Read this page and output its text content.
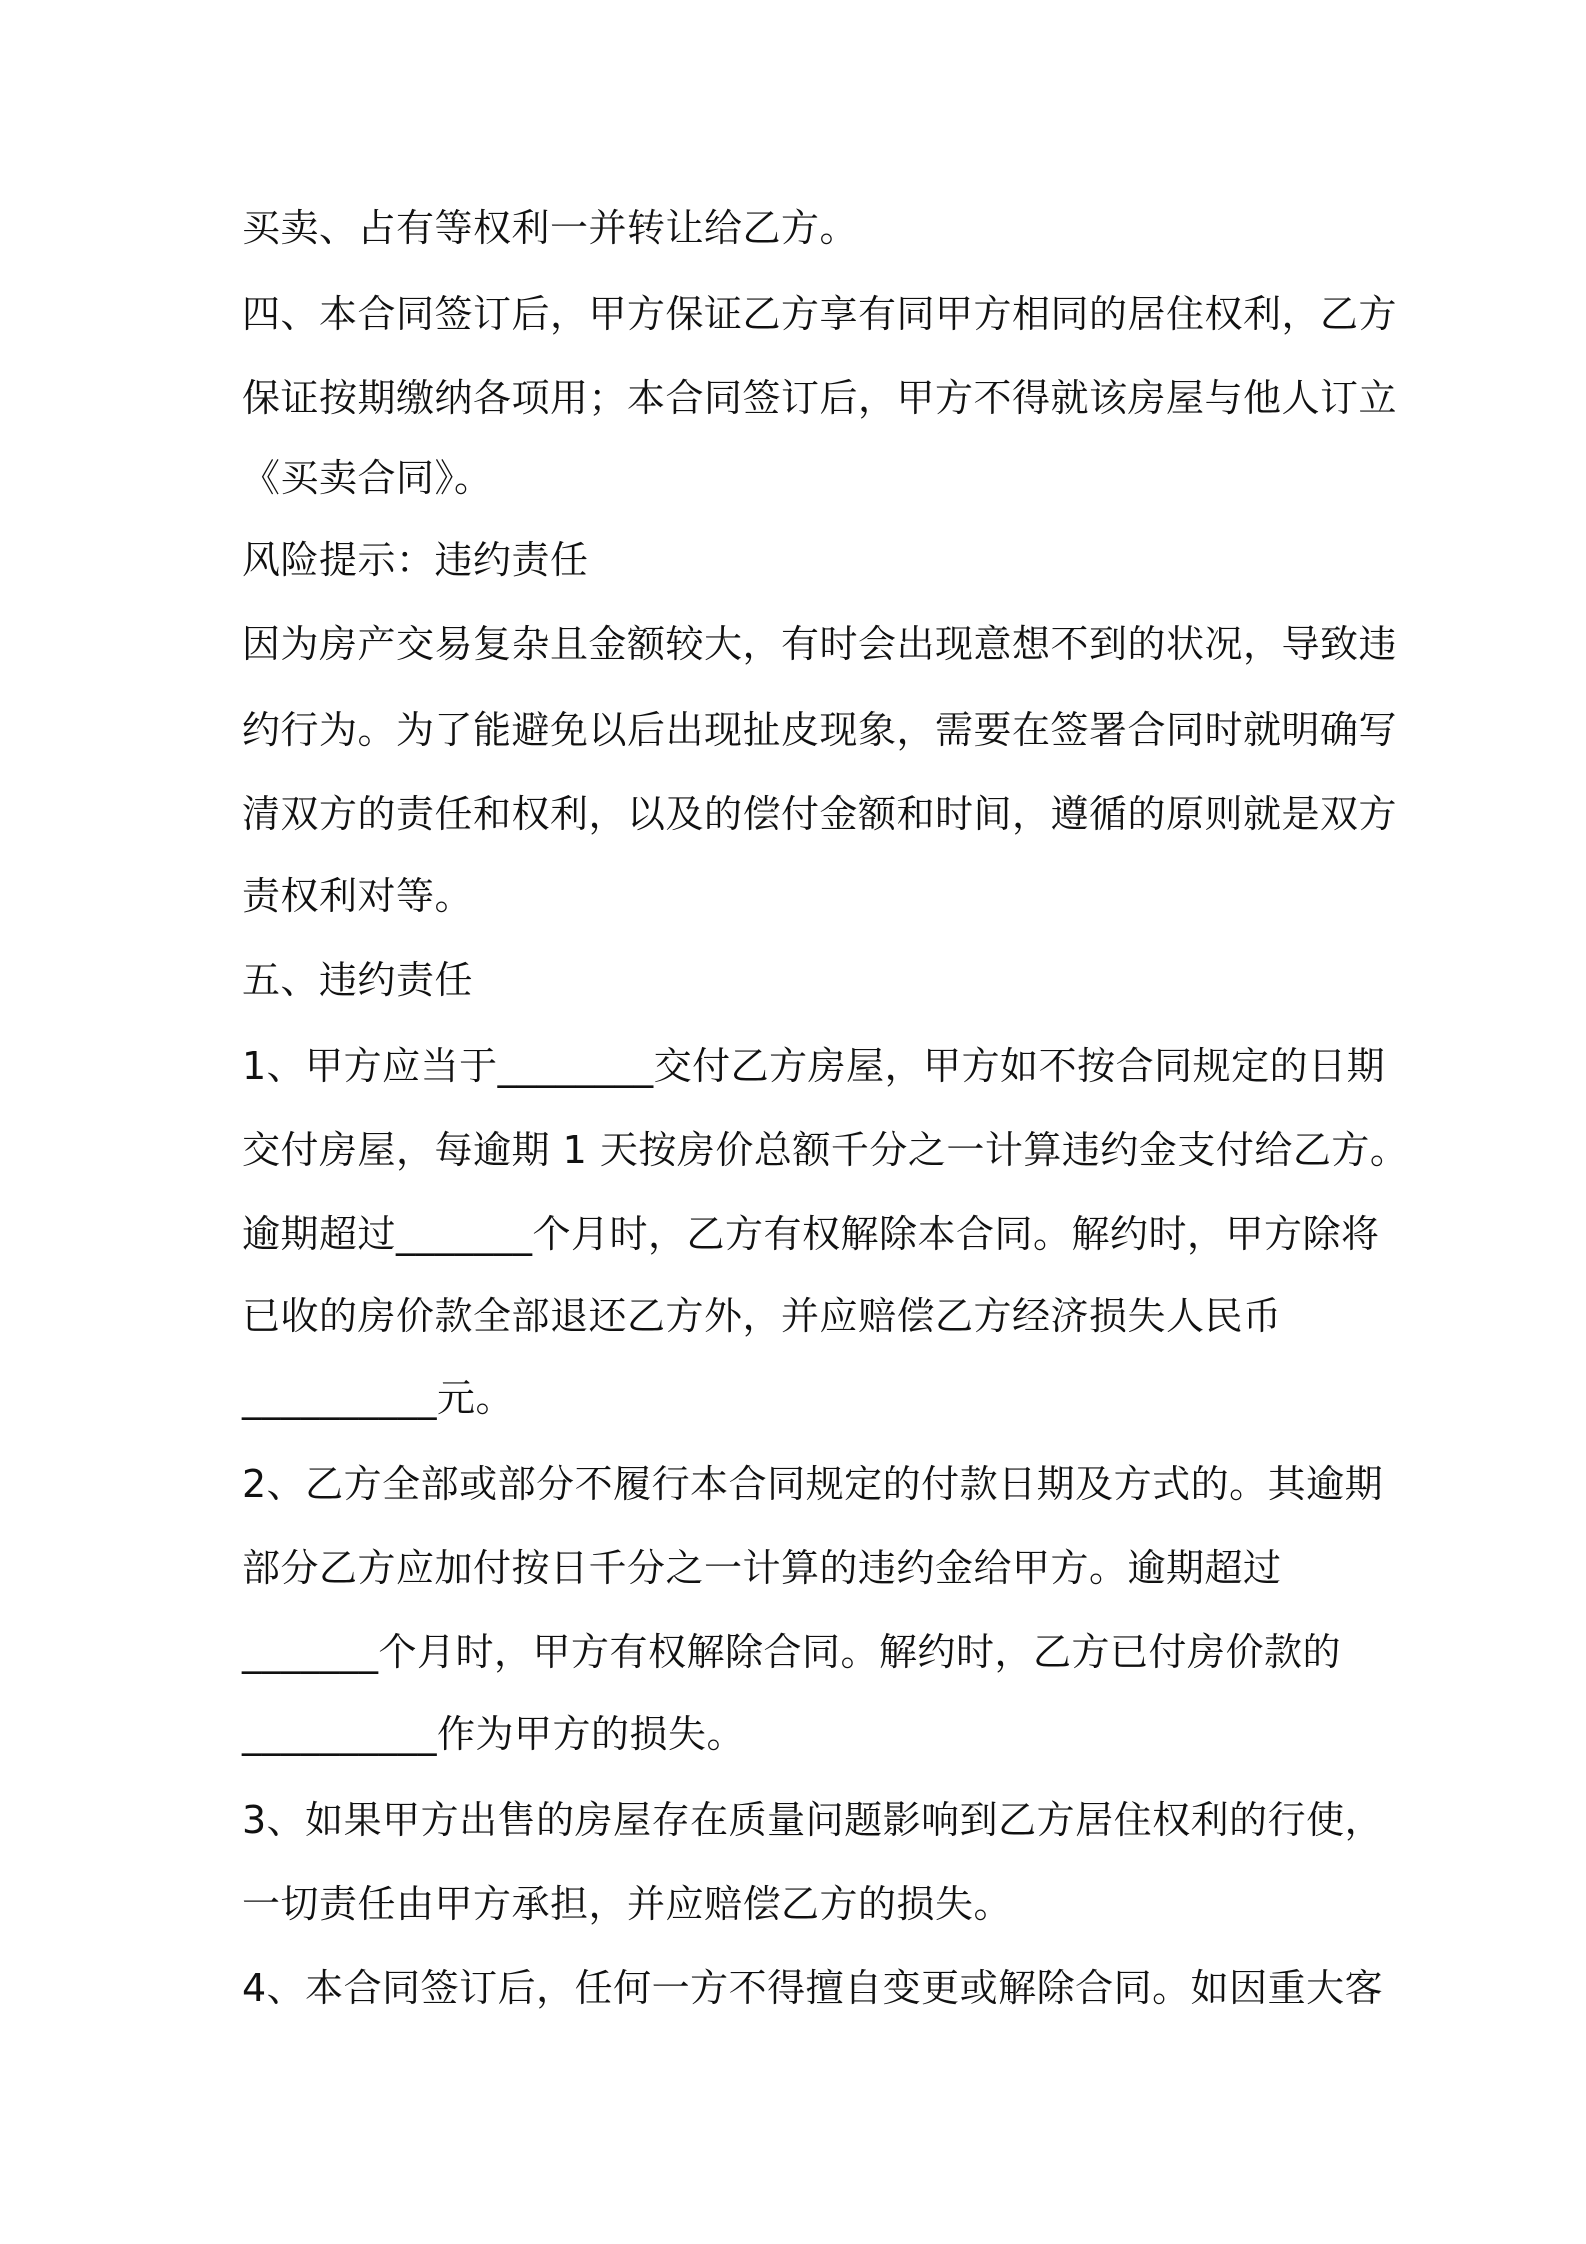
买卖、占有等权利一并转让给乙方。
四、本合同签订后，甲方保证乙方享有同甲方相同的居住权利，乙方
保证按期缴纳各项用；本合同签订后，甲方不得就该房屋与他人订立
《买卖合同》。
风险提示：违约责任
因为房产交易复杂且金额较大，有时会出现意想不到的状况，导致违
约行为。为了能避免以后出现扯皮现象，需要在签署合同时就明确写
清双方的责任和权利，以及的偿付金额和时间，遵循的原则就是双方
责权利对等。
五、违约责任
1、甲方应当于________交付乙方房屋，甲方如不按合同规定的日期
交付房屋，每逾期 1 天按房价总额千分之一计算违约金支付给乙方。
逾期超过_______个月时，乙方有权解除本合同。解约时，甲方除将
已收的房价款全部退还乙方外，并应赔偿乙方经济损失人民币
__________元。
2、乙方全部或部分不履行本合同规定的付款日期及方式的。其逾期
部分乙方应加付按日千分之一计算的违约金给甲方。逾期超过
_______个月时，甲方有权解除合同。解约时，乙方已付房价款的
__________作为甲方的损失。
3、如果甲方出售的房屋存在质量问题影响到乙方居住权利的行使，
一切责任由甲方承担，并应赔偿乙方的损失。
4、本合同签订后，任何一方不得擅自变更或解除合同。如因重大客
